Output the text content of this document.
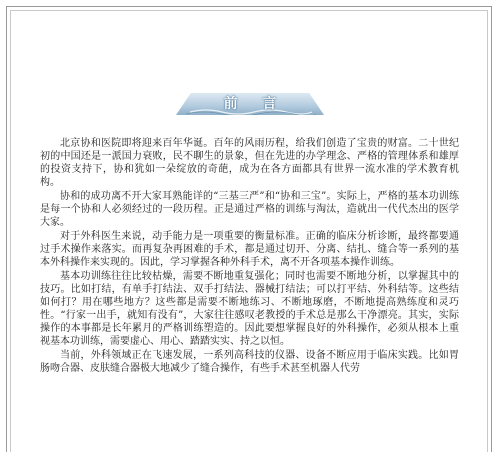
前 言

北京协和医院即将迎来百年华诞。百年的风雨历程，给我们创造了宝贵的财富。二十世纪初的中国还是一派国力衰败，民不聊生的景象，但在先进的办学理念、严格的管理体系和雄厚的投资支持下，协和犹如一朵绽放的奇葩，成为在各方面都具有世界一流水准的学术教育机构。

协和的成功离不开大家耳熟能详的“三基三严”和“协和三宝”。实际上，严格的基本功训练是每一个协和人必须经过的一段历程。正是通过严格的训练与淘汰，造就出一代代杰出的医学大家。

对于外科医生来说，动手能力是一项重要的衡量标准。正确的临床分析诊断，最终都要通过手术操作来落实。而再复杂再困难的手术，都是通过切开、分离、结扎、缝合等一系列的基本外科操作来实现的。因此，学习掌握各种外科手术，离不开各项基本操作训练。

基本功训练往往比较枯燥，需要不断地重复强化；同时也需要不断地分析，以掌握其中的技巧。比如打结，有单手打结法、双手打结法、器械打结法；可以打平结、外科结等。这些结如何打？用在哪些地方？这些都是需要不断地练习、不断地琢磨，不断地提高熟练度和灵巧性。“行家一出手，就知有没有”，大家往往感叹老教授的手术总是那么干净漂亮。其实，实际操作的本事都是长年累月的严格训练塑造的。因此要想掌握良好的外科操作，必须从根本上重视基本功训练，需要虚心、用心、踏踏实实、持之以恒。

当前，外科领域正在飞速发展，一系列高科技的仪器、设备不断应用于临床实践。比如胃肠吻合器、皮肤缝合器极大地减少了缝合操作，有些手术甚至机器人代劳
